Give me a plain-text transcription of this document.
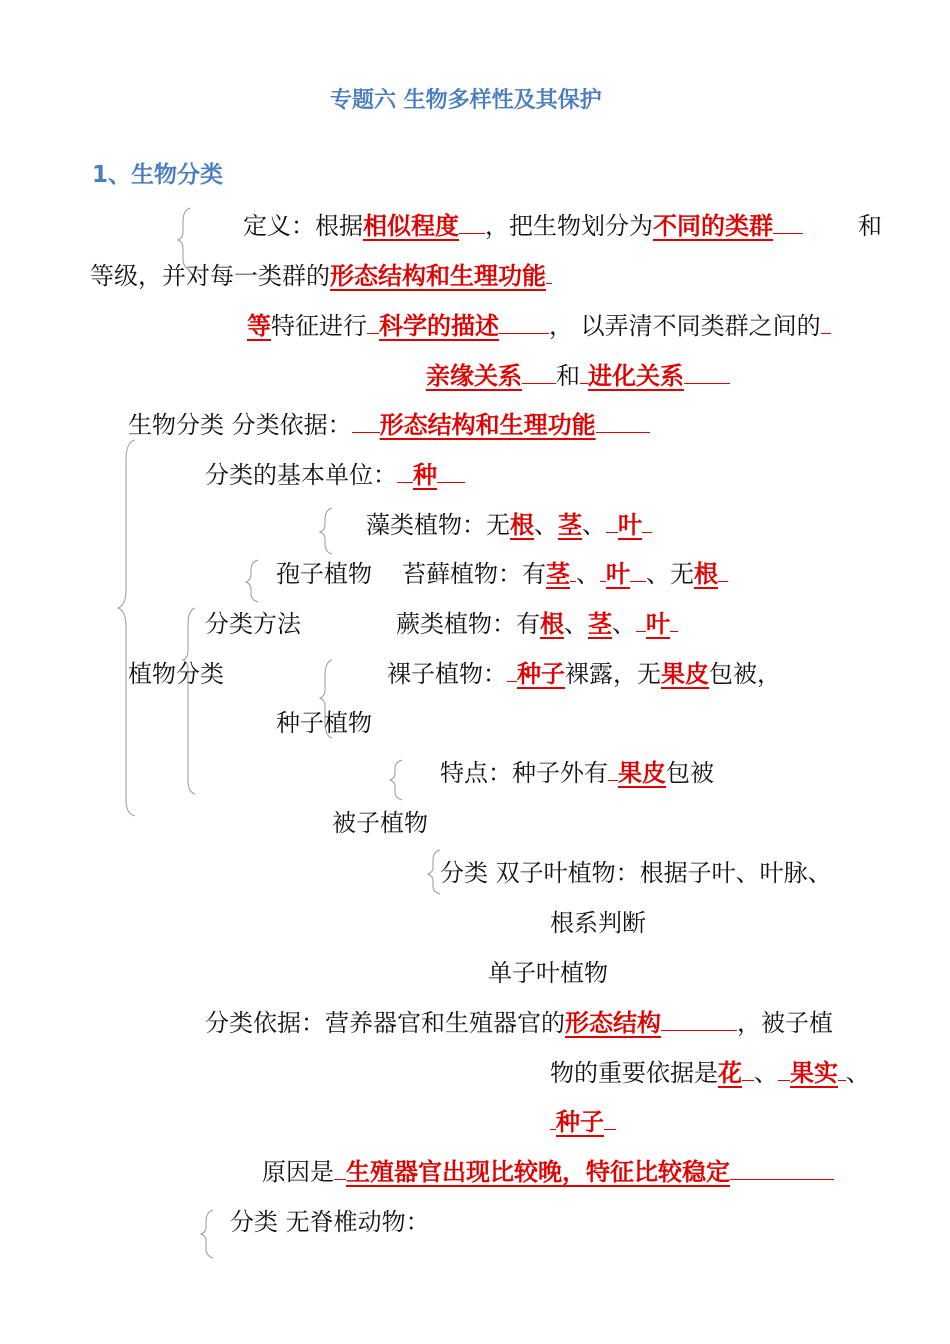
专题六 生物多样性及其保护
1、生物分类
定义：根据相似程度 ，把生物划分为不同的类群	和
等级，并对每一类群的形态结构和生理功能
等特征进行 科学的描述 ， 以弄清不同类群之间的
亲缘关系 和 进化关系
生物分类 分类依据： 形态结构和生理功能
分类的基本单位： 种
藻类植物：无根、茎、 叶
孢子植物 苔藓植物：有茎 、 叶 、无根
分类方法	蕨类植物：有根、茎、 叶
植物分类	裸子植物： 种子裸露，无果皮包被，
种子植物
特点：种子外有 果皮包被
被子植物
分类 双子叶植物：根据子叶、叶脉、
根系判断
单子叶植物
分类依据：营养器官和生殖器官的形态结构	，被子植
物的重要依据是花 、 果实 、
种子
原因是 生殖器官出现比较晚，特征比较稳定
分类 无脊椎动物：
